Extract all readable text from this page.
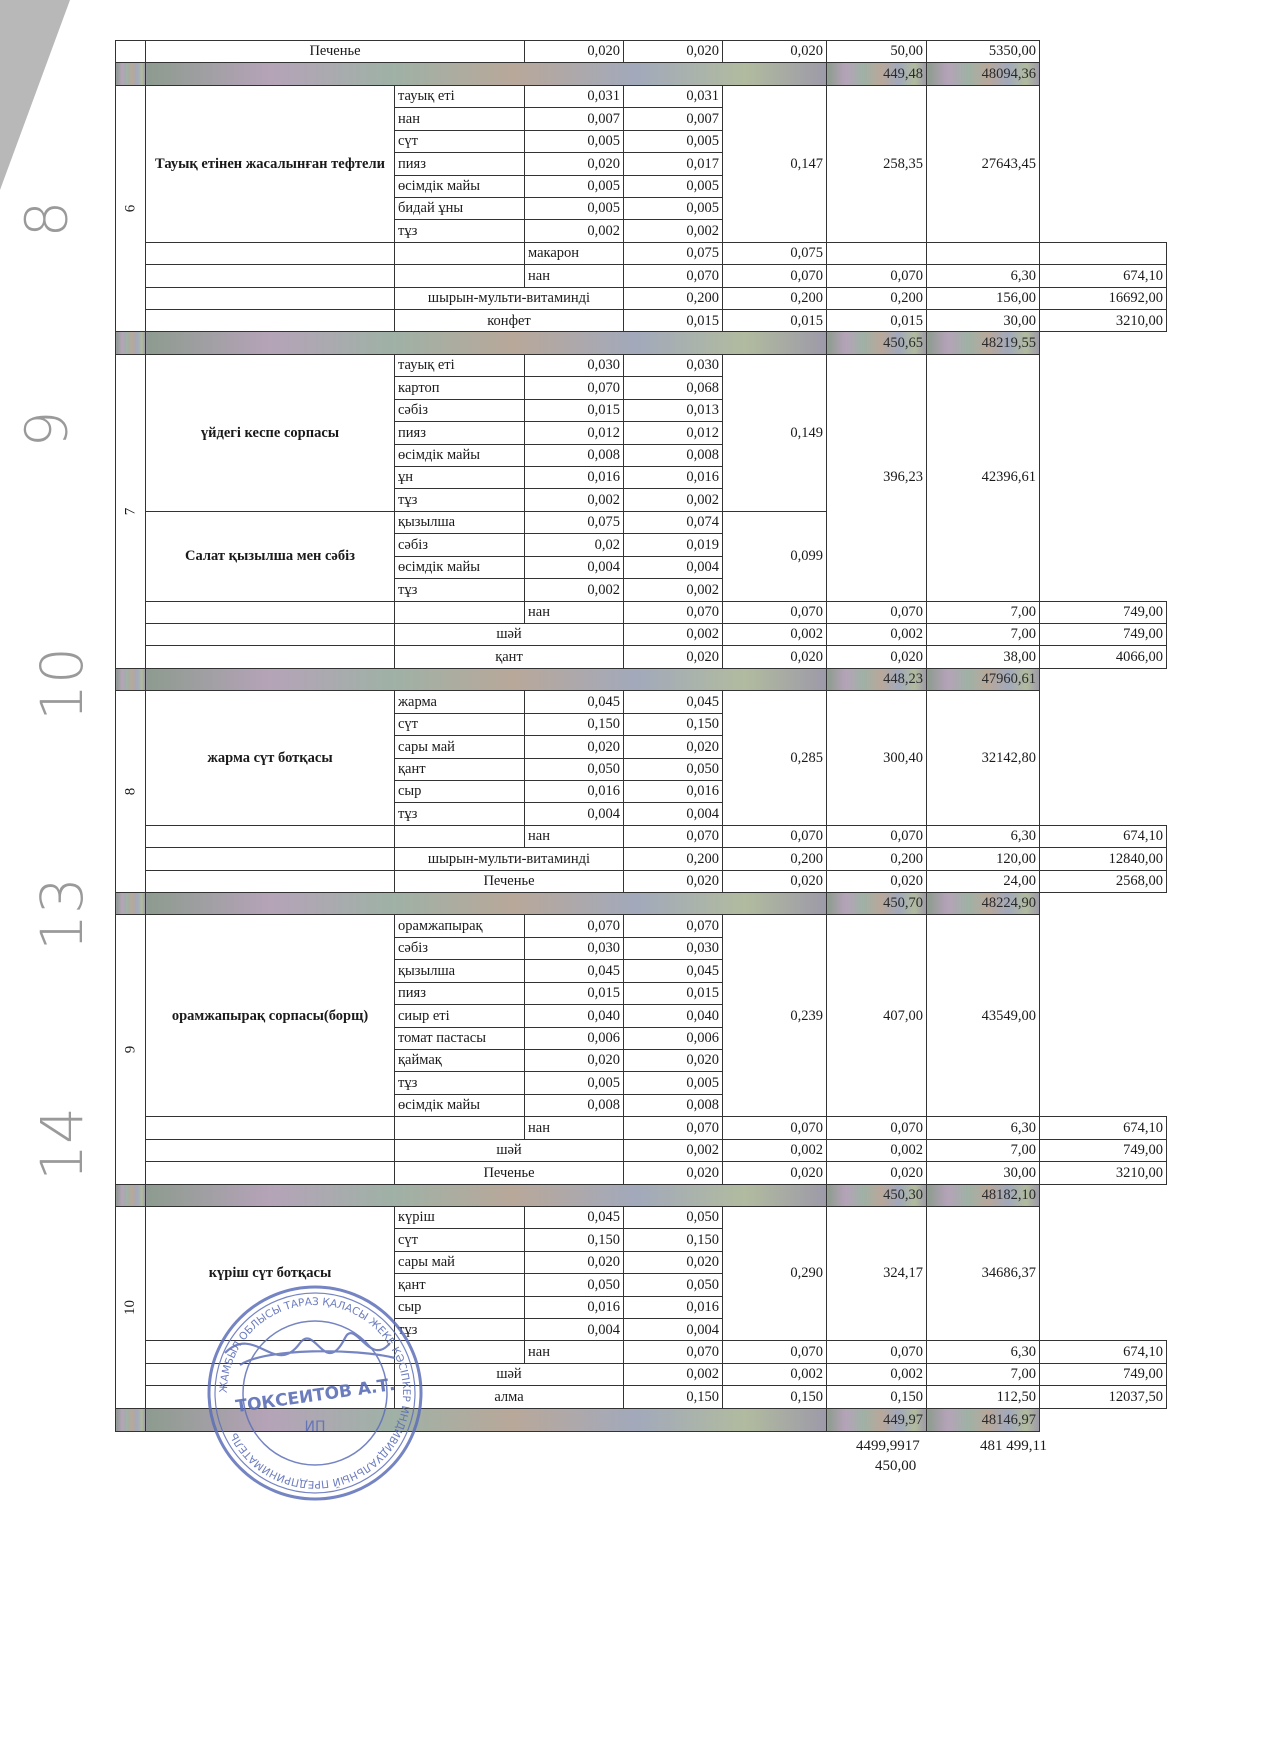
	Печенье		0,020	0,020	0,020	50,00	5350,00	
						449,48	48094,36	
6	Тауық етінен жасалынған тефтели	тауық еті	0,031	0,031	0,147	258,35	27643,45	
		нан	0,007	0,007				
		сүт	0,005	0,005				
		пияз	0,020	0,017				
		өсімдік майы	0,005	0,005				
		бидай ұны	0,005	0,005				
		тұз	0,002	0,002				
			макарон	0,075	0,075			
			нан	0,070	0,070	0,070	6,30	674,10
		шырын-мульти-витаминді		0,200	0,200	0,200	156,00	16692,00
		конфет		0,015	0,015	0,015	30,00	3210,00
						450,65	48219,55	
7	үйдегі кеспе сорпасы	тауық еті	0,030	0,030	0,149	396,23	42396,61	
		картоп	0,070	0,068				
		сәбіз	0,015	0,013				
		пияз	0,012	0,012				
		өсімдік майы	0,008	0,008				
		ұн	0,016	0,016				
		тұз	0,002	0,002				
	Салат қызылша мен сәбіз	қызылша	0,075	0,074	0,099			
		сәбіз	0,02	0,019				
		өсімдік майы	0,004	0,004				
		тұз	0,002	0,002				
			нан	0,070	0,070	0,070	7,00	749,00
		шәй		0,002	0,002	0,002	7,00	749,00
		қант		0,020	0,020	0,020	38,00	4066,00
						448,23	47960,61	
8	жарма сүт ботқасы	жарма	0,045	0,045	0,285	300,40	32142,80	
		сүт	0,150	0,150				
		сары май	0,020	0,020				
		қант	0,050	0,050				
		сыр	0,016	0,016				
		тұз	0,004	0,004				
			нан	0,070	0,070	0,070	6,30	674,10
		шырын-мульти-витаминді		0,200	0,200	0,200	120,00	12840,00
		Печенье		0,020	0,020	0,020	24,00	2568,00
						450,70	48224,90	
9	орамжапырақ сорпасы(борщ)	орамжапырақ	0,070	0,070	0,239	407,00	43549,00	
		сәбіз	0,030	0,030				
		қызылша	0,045	0,045				
		пияз	0,015	0,015				
		сиыр еті	0,040	0,040				
		томат пастасы	0,006	0,006				
		қаймақ	0,020	0,020				
		тұз	0,005	0,005				
		өсімдік майы	0,008	0,008				
			нан	0,070	0,070	0,070	6,30	674,10
		шәй		0,002	0,002	0,002	7,00	749,00
		Печенье		0,020	0,020	0,020	30,00	3210,00
						450,30	48182,10	
10	күріш сүт ботқасы	күріш	0,045	0,050	0,290	324,17	34686,37	
		сүт	0,150	0,150				
		сары май	0,020	0,020				
		қант	0,050	0,050				
		сыр	0,016	0,016				
		тұз	0,004	0,004				
			нан	0,070	0,070	0,070	6,30	674,10
		шәй		0,002	0,002	0,002	7,00	749,00
		алма		0,150	0,150	0,150	112,50	12037,50
						449,97	48146,97	
4499,9917	481 499,11
450,00
8
9
10
13
14
ЖАМБЫЛ ОБЛЫСЫ ТАРАЗ ҚАЛАСЫ ЖЕКЕ КӘСІПКЕР ИНДИВИДУАЛЬНЫЙ ПРЕДПРИНИМАТЕЛЬ
ТОКСЕИТОВ А.Т.
ИП
